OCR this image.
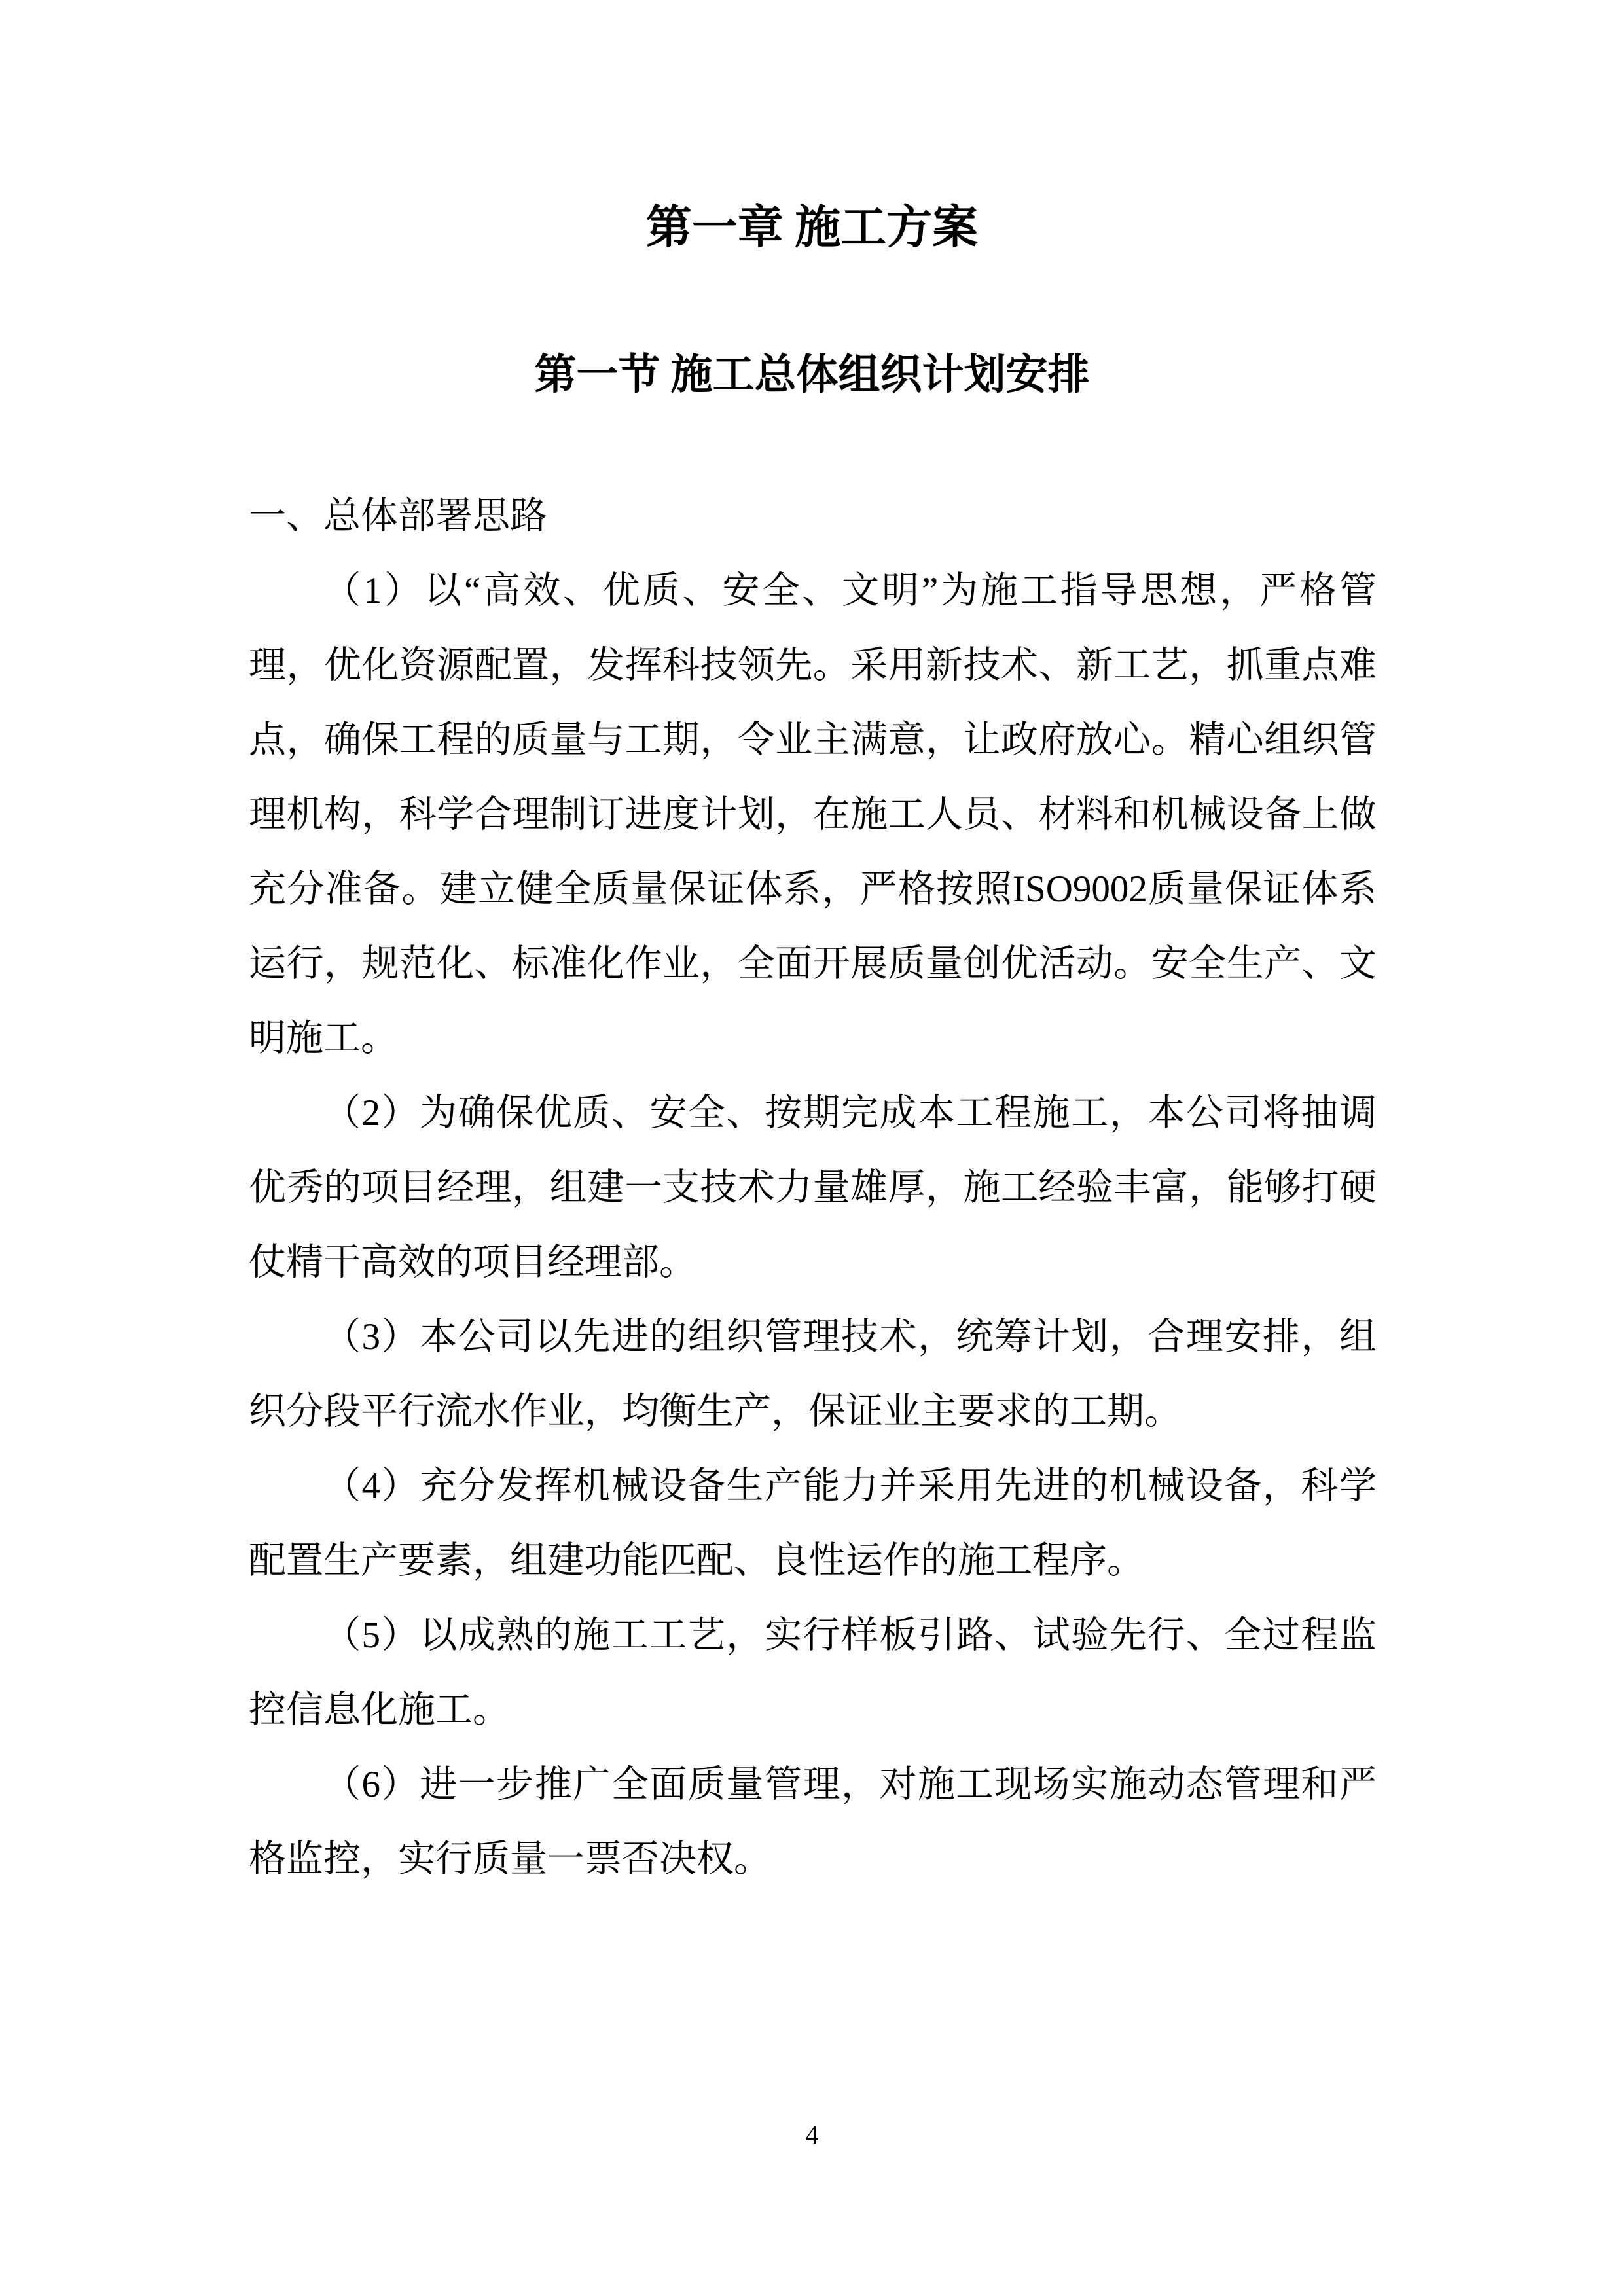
第一章 施工方案
第一节 施工总体组织计划安排
一、总体部署思路
（1）以“高效、优质、安全、文明”为施工指导思想，严格管
理，优化资源配置，发挥科技领先。采用新技术、新工艺，抓重点难
点，确保工程的质量与工期，令业主满意，让政府放心。精心组织管
理机构，科学合理制订进度计划，在施工人员、材料和机械设备上做
充分准备。建立健全质量保证体系，严格按照ISO9002质量保证体系
运行，规范化、标准化作业，全面开展质量创优活动。安全生产、文
明施工。
（2）为确保优质、安全、按期完成本工程施工，本公司将抽调
优秀的项目经理，组建一支技术力量雄厚，施工经验丰富，能够打硬
仗精干高效的项目经理部。
（3）本公司以先进的组织管理技术，统筹计划，合理安排，组
织分段平行流水作业，均衡生产，保证业主要求的工期。
（4）充分发挥机械设备生产能力并采用先进的机械设备，科学
配置生产要素，组建功能匹配、良性运作的施工程序。
（5）以成熟的施工工艺，实行样板引路、试验先行、全过程监
控信息化施工。
（6）进一步推广全面质量管理，对施工现场实施动态管理和严
格监控，实行质量一票否决权。
4
